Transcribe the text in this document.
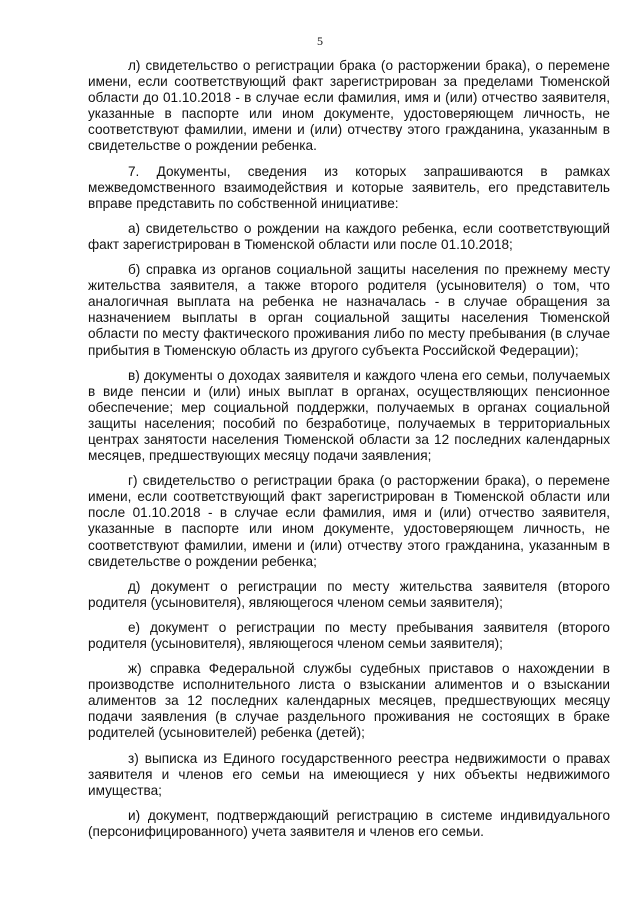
5

л) свидетельство о регистрации брака (о расторжении брака), о перемене имени, если соответствующий факт зарегистрирован за пределами Тюменской области до 01.10.2018 - в случае если фамилия, имя и (или) отчество заявителя, указанные в паспорте или ином документе, удостоверяющем личность, не соответствуют фамилии, имени и (или) отчеству этого гражданина, указанным в свидетельстве о рождении ребенка.

7. Документы, сведения из которых запрашиваются в рамках межведомственного взаимодействия и которые заявитель, его представитель вправе представить по собственной инициативе:

а) свидетельство о рождении на каждого ребенка, если соответствующий факт зарегистрирован в Тюменской области или после 01.10.2018;

б) справка из органов социальной защиты населения по прежнему месту жительства заявителя, а также второго родителя (усыновителя) о том, что аналогичная выплата на ребенка не назначалась - в случае обращения за назначением выплаты в орган социальной защиты населения Тюменской области по месту фактического проживания либо по месту пребывания (в случае прибытия в Тюменскую область из другого субъекта Российской Федерации);

в) документы о доходах заявителя и каждого члена его семьи, получаемых в виде пенсии и (или) иных выплат в органах, осуществляющих пенсионное обеспечение; мер социальной поддержки, получаемых в органах социальной защиты населения; пособий по безработице, получаемых в территориальных центрах занятости населения Тюменской области за 12 последних календарных месяцев, предшествующих месяцу подачи заявления;

г) свидетельство о регистрации брака (о расторжении брака), о перемене имени, если соответствующий факт зарегистрирован в Тюменской области или после 01.10.2018 - в случае если фамилия, имя и (или) отчество заявителя, указанные в паспорте или ином документе, удостоверяющем личность, не соответствуют фамилии, имени и (или) отчеству этого гражданина, указанным в свидетельстве о рождении ребенка;

д) документ о регистрации по месту жительства заявителя (второго родителя (усыновителя), являющегося членом семьи заявителя);

е) документ о регистрации по месту пребывания заявителя (второго родителя (усыновителя), являющегося членом семьи заявителя);

ж) справка Федеральной службы судебных приставов о нахождении в производстве исполнительного листа о взыскании алиментов и о взыскании алиментов за 12 последних календарных месяцев, предшествующих месяцу подачи заявления (в случае раздельного проживания не состоящих в браке родителей (усыновителей) ребенка (детей);

з) выписка из Единого государственного реестра недвижимости о правах заявителя и членов его семьи на имеющиеся у них объекты недвижимого имущества;

и) документ, подтверждающий регистрацию в системе индивидуального (персонифицированного) учета заявителя и членов его семьи.
